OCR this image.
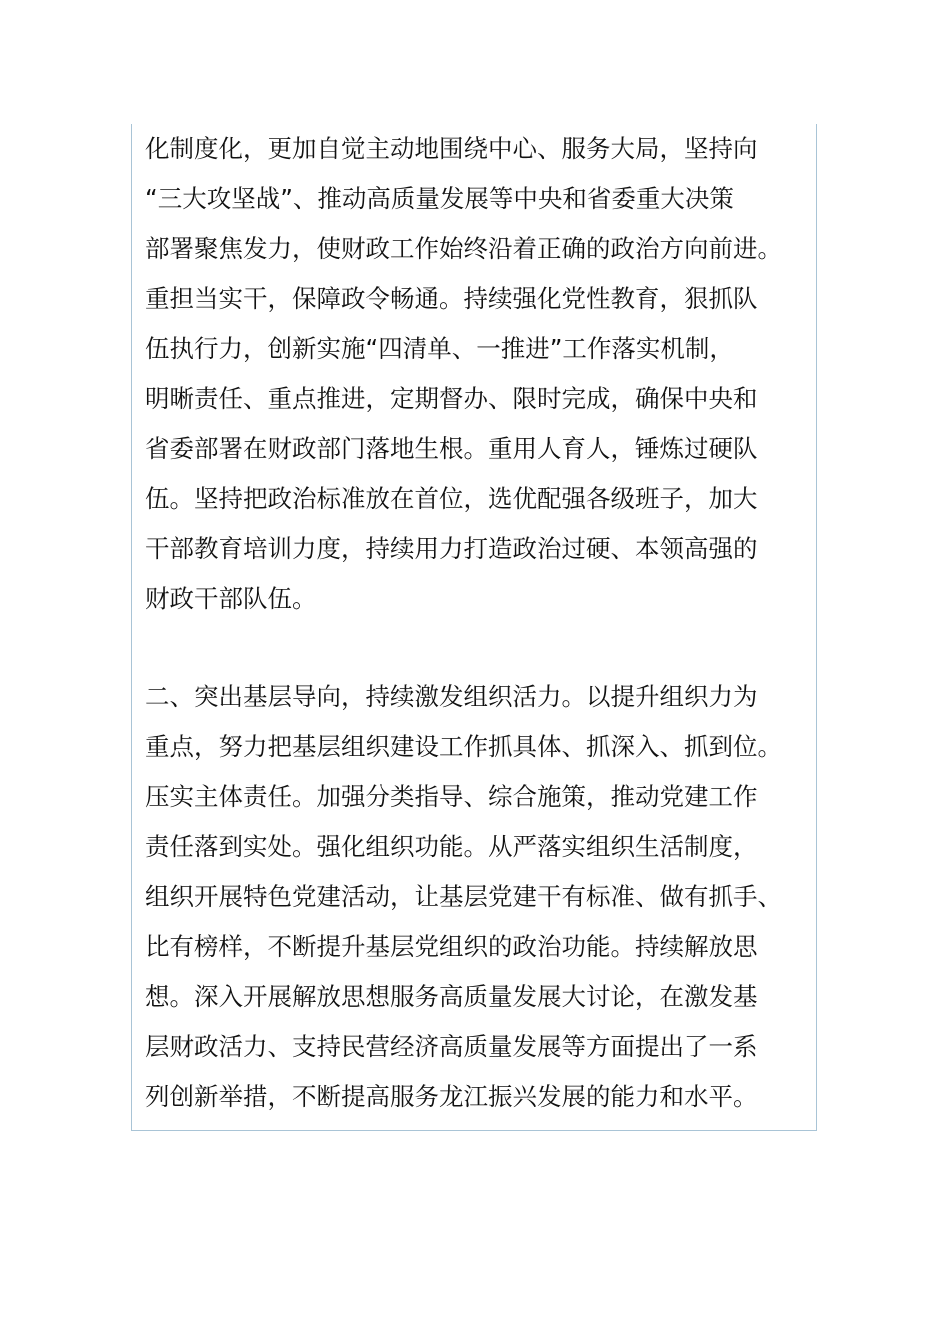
化制度化，更加自觉主动地围绕中心、服务大局，坚持向
“三大攻坚战”、推动高质量发展等中央和省委重大决策
部署聚焦发力，使财政工作始终沿着正确的政治方向前进。
重担当实干，保障政令畅通。持续强化党性教育，狠抓队
伍执行力，创新实施“四清单、一推进”工作落实机制，
明晰责任、重点推进，定期督办、限时完成，确保中央和
省委部署在财政部门落地生根。重用人育人，锤炼过硬队
伍。坚持把政治标准放在首位，选优配强各级班子，加大
干部教育培训力度，持续用力打造政治过硬、本领高强的
财政干部队伍。
二、突出基层导向，持续激发组织活力。以提升组织力为
重点，努力把基层组织建设工作抓具体、抓深入、抓到位。
压实主体责任。加强分类指导、综合施策，推动党建工作
责任落到实处。强化组织功能。从严落实组织生活制度，
组织开展特色党建活动，让基层党建干有标准、做有抓手、
比有榜样，不断提升基层党组织的政治功能。持续解放思
想。深入开展解放思想服务高质量发展大讨论，在激发基
层财政活力、支持民营经济高质量发展等方面提出了一系
列创新举措，不断提高服务龙江振兴发展的能力和水平。
